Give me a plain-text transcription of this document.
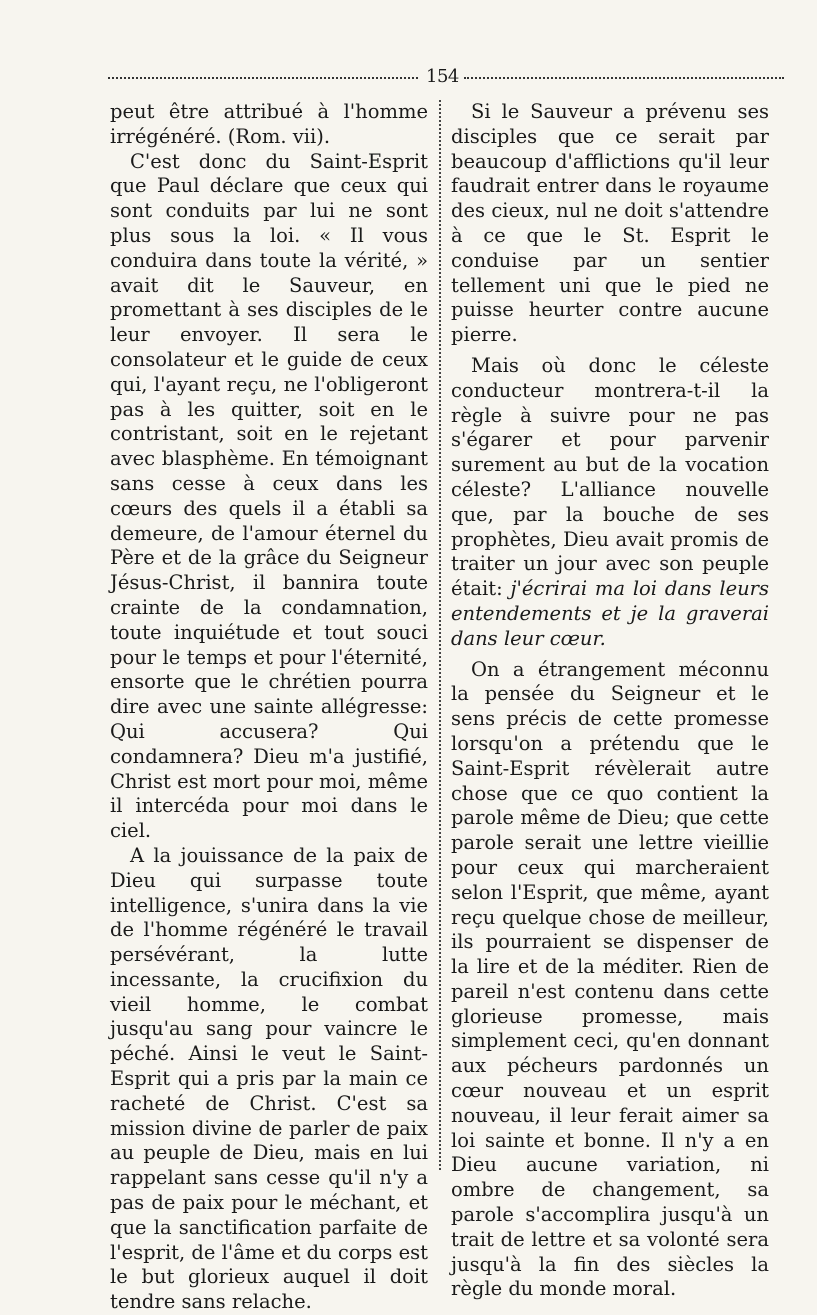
154

peut être attribué à l'homme irrégénéré. (Rom. vii).

C'est donc du Saint-Esprit que Paul déclare que ceux qui sont conduits par lui ne sont plus sous la loi. « Il vous conduira dans toute la vérité, » avait dit le Sauveur, en promettant à ses disciples de le leur envoyer. Il sera le consolateur et le guide de ceux qui, l'ayant reçu, ne l'obligeront pas à les quitter, soit en le contristant, soit en le rejetant avec blasphème. En témoignant sans cesse à ceux dans les cœurs des quels il a établi sa demeure, de l'amour éternel du Père et de la grâce du Seigneur Jésus-Christ, il bannira toute crainte de la condamnation, toute inquiétude et tout souci pour le temps et pour l'éternité, ensorte que le chrétien pourra dire avec une sainte allégresse: Qui accusera? Qui condamnera? Dieu m'a justifié, Christ est mort pour moi, même il intercéda pour moi dans le ciel.

A la jouissance de la paix de Dieu qui surpasse toute intelligence, s'unira dans la vie de l'homme régénéré le travail persévérant, la lutte incessante, la crucifixion du vieil homme, le combat jusqu'au sang pour vaincre le péché. Ainsi le veut le Saint-Esprit qui a pris par la main ce racheté de Christ. C'est sa mission divine de parler de paix au peuple de Dieu, mais en lui rappelant sans cesse qu'il n'y a pas de paix pour le méchant, et que la sanctification parfaite de l'esprit, de l'âme et du corps est le but glorieux auquel il doit tendre sans relache.

Si le Sauveur a prévenu ses disciples que ce serait par beaucoup d'afflictions qu'il leur faudrait entrer dans le royaume des cieux, nul ne doit s'attendre à ce que le St. Esprit le conduise par un sentier tellement uni que le pied ne puisse heurter contre aucune pierre.

Mais où donc le céleste conducteur montrera-t-il la règle à suivre pour ne pas s'égarer et pour parvenir surement au but de la vocation céleste? L'alliance nouvelle que, par la bouche de ses prophètes, Dieu avait promis de traiter un jour avec son peuple était: j'écrirai ma loi dans leurs entendements et je la graverai dans leur cœur.

On a étrangement méconnu la pensée du Seigneur et le sens précis de cette promesse lorsqu'on a prétendu que le Saint-Esprit révèlerait autre chose que ce quo contient la parole même de Dieu; que cette parole serait une lettre vieillie pour ceux qui marcheraient selon l'Esprit, que même, ayant reçu quelque chose de meilleur, ils pourraient se dispenser de la lire et de la méditer. Rien de pareil n'est contenu dans cette glorieuse promesse, mais simplement ceci, qu'en donnant aux pécheurs pardonnés un cœur nouveau et un esprit nouveau, il leur ferait aimer sa loi sainte et bonne. Il n'y a en Dieu aucune variation, ni ombre de changement, sa parole s'accomplira jusqu'à un trait de lettre et sa volonté sera jusqu'à la fin des siècles la règle du monde moral.
